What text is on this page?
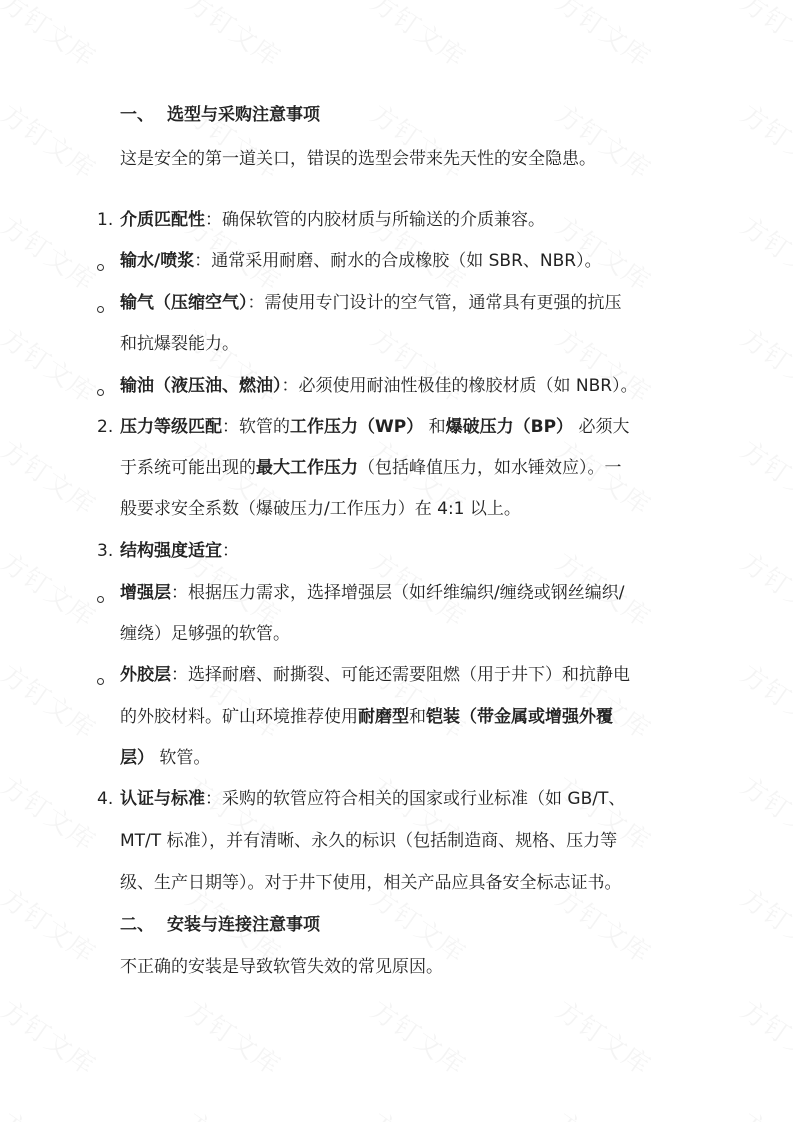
一、 选型与采购注意事项
这是安全的第一道关口，错误的选型会带来先天性的安全隐患。
1. 介质匹配性：确保软管的内胶材质与所输送的介质兼容。
输水/喷浆：通常采用耐磨、耐水的合成橡胶（如 SBR、NBR）。
输气（压缩空气）：需使用专门设计的空气管，通常具有更强的抗压
和抗爆裂能力。
输油（液压油、燃油）：必须使用耐油性极佳的橡胶材质（如 NBR）。
2. 压力等级匹配：软管的工作压力（WP） 和爆破压力（BP） 必须大
于系统可能出现的最大工作压力（包括峰值压力，如水锤效应）。一
般要求安全系数（爆破压力/工作压力）在 4:1 以上。
3. 结构强度适宜：
增强层：根据压力需求，选择增强层（如纤维编织/缠绕或钢丝编织/
缠绕）足够强的软管。
外胶层：选择耐磨、耐撕裂、可能还需要阻燃（用于井下）和抗静电
的外胶材料。矿山环境推荐使用耐磨型和铠装（带金属或增强外覆
层） 软管。
4. 认证与标准：采购的软管应符合相关的国家或行业标准（如 GB/T、
MT/T 标准），并有清晰、永久的标识（包括制造商、规格、压力等
级、生产日期等）。对于井下使用，相关产品应具备安全标志证书。
二、 安装与连接注意事项
不正确的安装是导致软管失效的常见原因。
